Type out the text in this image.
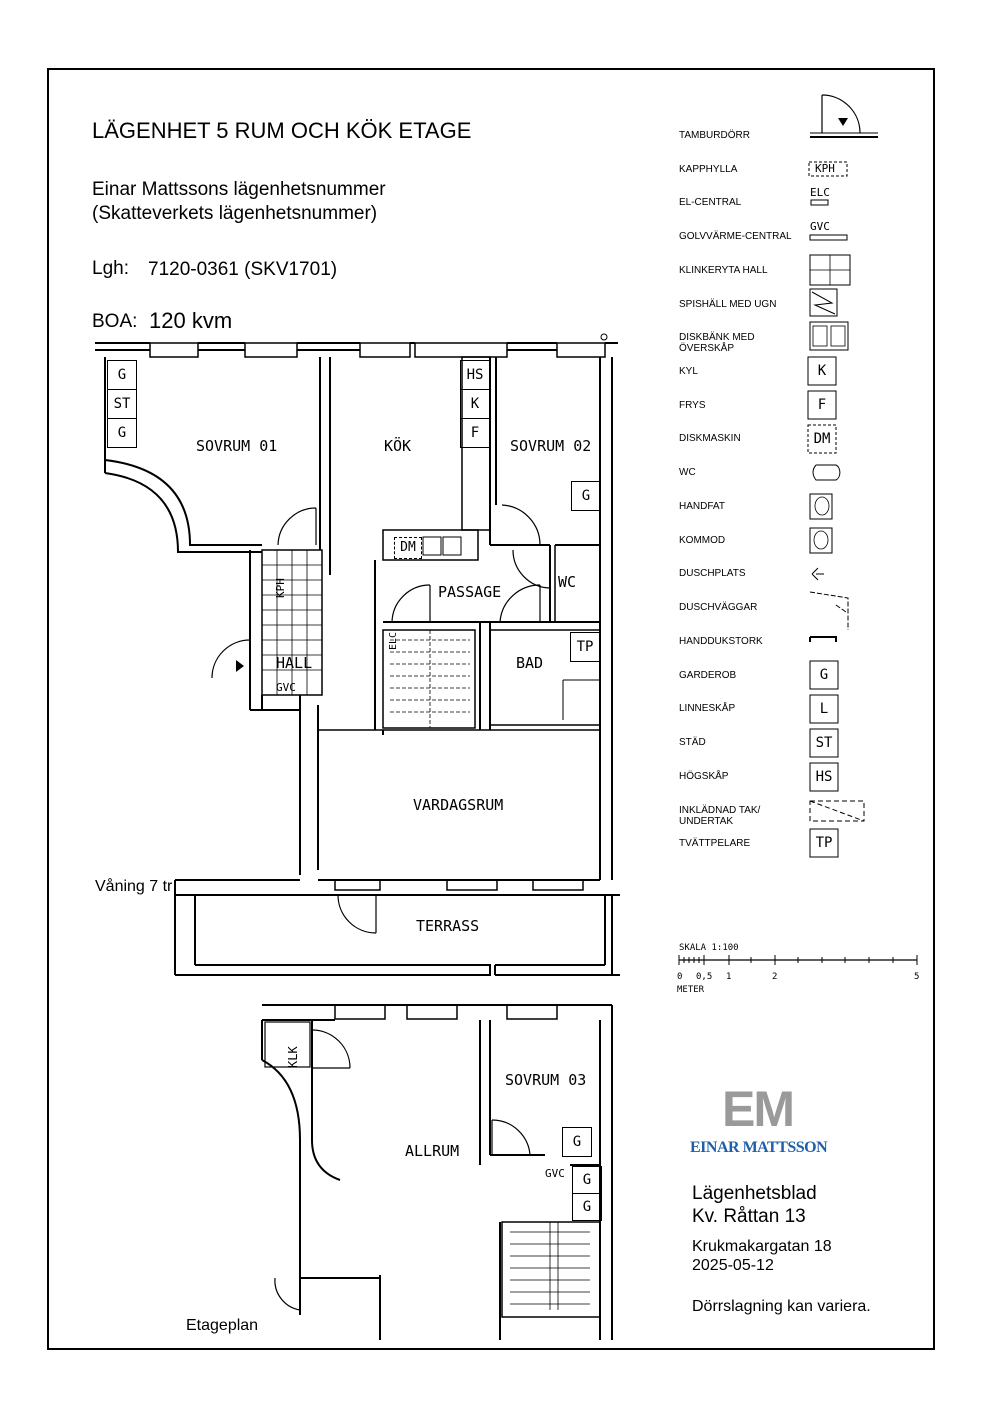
LÄGENHET 5 RUM OCH KÖK ETAGE
Einar Mattssons lägenhetsnummer
(Skatteverkets lägenhetsnummer)
Lgh: 7120-0361 (SKV1701)
BOA: 120 kvm
Våning 7 tr
Etageplan
SOVRUM 01	KÖK	SOVRUM 02
PASSAGE
WC
HALL	BAD
VARDAGSRUM
TERRASS
SOVRUM 03
ALLRUM
G
ST
G
HS
K
F
G
DM
TP
KPH
GVC
ELC
KLK
G
G
G
GVC
TAMBURDÖRR
KAPPHYLLA
EL-CENTRAL
GOLVVÄRME-CENTRAL
KLINKERYTA HALL
SPISHÄLL MED UGN
DISKBÄNK MED
ÖVERSKÅP
KYL
FRYS
DISKMASKIN
WC
HANDFAT
KOMMOD
DUSCHPLATS
DUSCHVÄGGAR
HANDDUKSTORK
GARDEROB
LINNESKÅP
STÄD
HÖGSKÅP
INKLÄDNAD TAK/
UNDERTAK
TVÄTTPELARE
KPH
ELC
GVC
K
F
DM
G
L
ST
HS
TP
SKALA 1:100
0 0,5 1	2	5
METER
EM
EINAR MATTSSON
Lägenhetsblad
Kv. Råttan 13
Krukmakargatan 18
2025-05-12
Dörrslagning kan variera.
